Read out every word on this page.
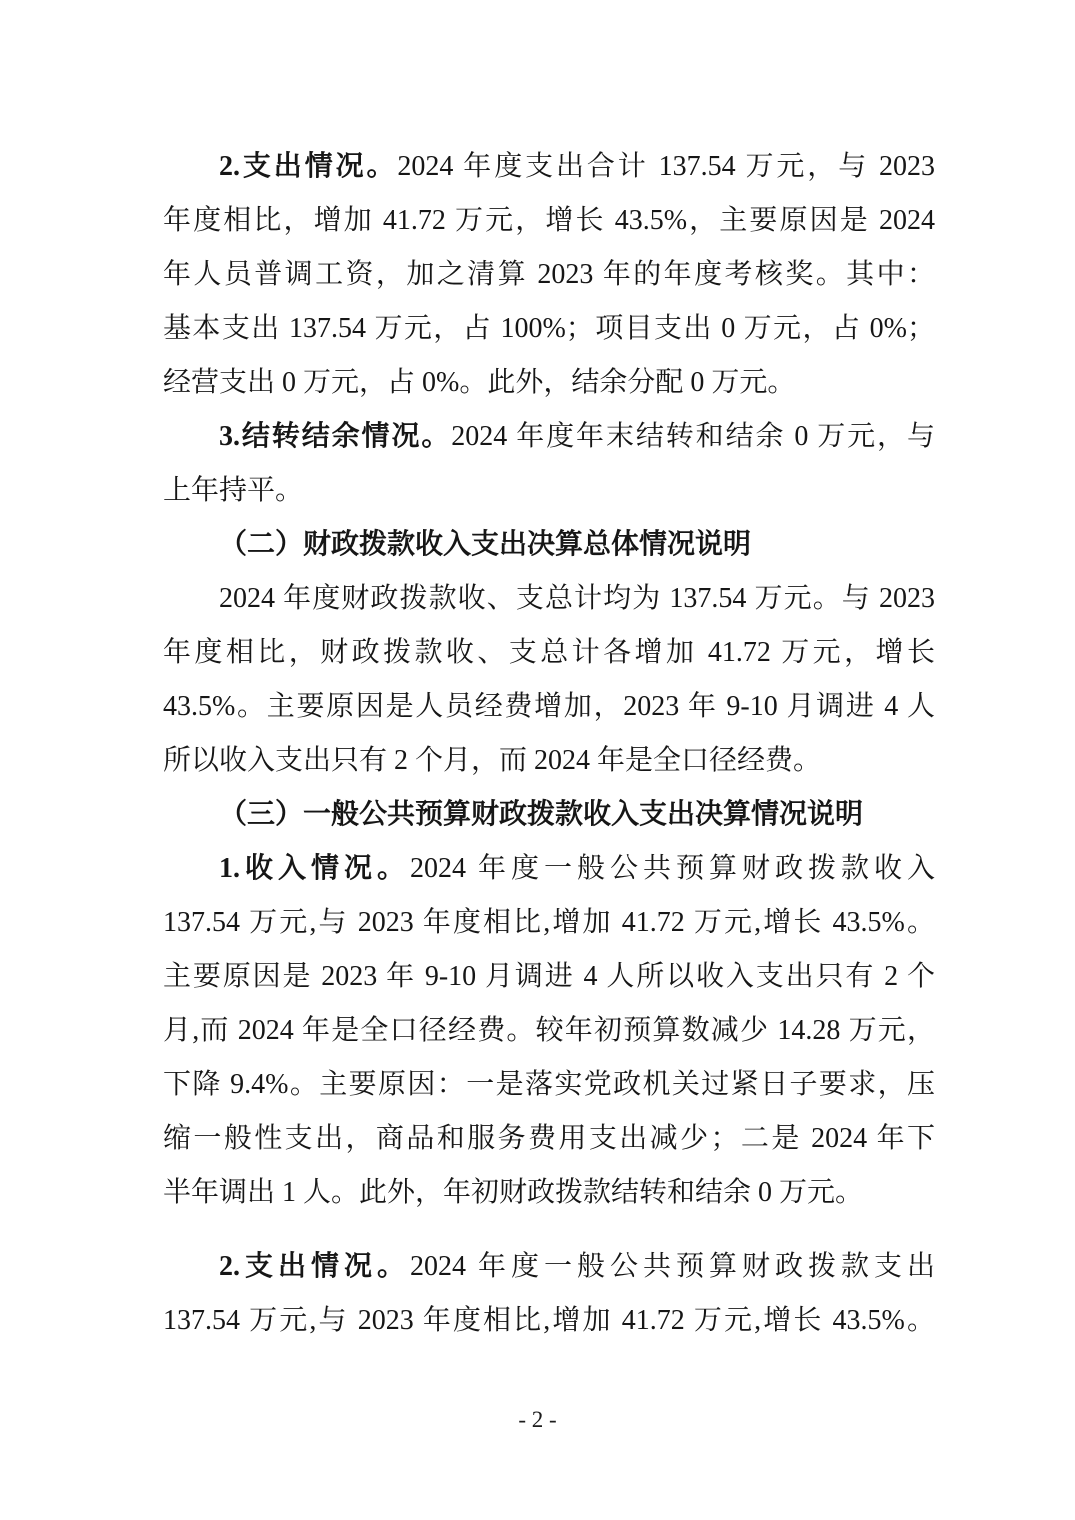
2.支出情况。2024 年度支出合计 137.54 万元，与 2023
年度相比，增加 41.72 万元，增长 43.5%，主要原因是 2024
年人员普调工资，加之清算 2023 年的年度考核奖。其中：
基本支出 137.54 万元，占 100%；项目支出 0 万元，占 0%；
经营支出 0 万元，占 0%。此外，结余分配 0 万元。
3.结转结余情况。2024 年度年末结转和结余 0 万元，与
上年持平。
（二）财政拨款收入支出决算总体情况说明
2024 年度财政拨款收、支总计均为 137.54 万元。与 2023
年度相比，财政拨款收、支总计各增加 41.72 万元，增长
43.5%。主要原因是人员经费增加，2023 年 9-10 月调进 4 人
所以收入支出只有 2 个月，而 2024 年是全口径经费。
（三）一般公共预算财政拨款收入支出决算情况说明
1.收入情况。2024 年度一般公共预算财政拨款收入
137.54 万元,与 2023 年度相比,增加 41.72 万元,增长 43.5%。
主要原因是 2023 年 9-10 月调进 4 人所以收入支出只有 2 个
月,而 2024 年是全口径经费。较年初预算数减少 14.28 万元，
下降 9.4%。主要原因：一是落实党政机关过紧日子要求，压
缩一般性支出，商品和服务费用支出减少；二是 2024 年下
半年调出 1 人。此外，年初财政拨款结转和结余 0 万元。
2.支出情况。2024 年度一般公共预算财政拨款支出
137.54 万元,与 2023 年度相比,增加 41.72 万元,增长 43.5%。
- 2 -
